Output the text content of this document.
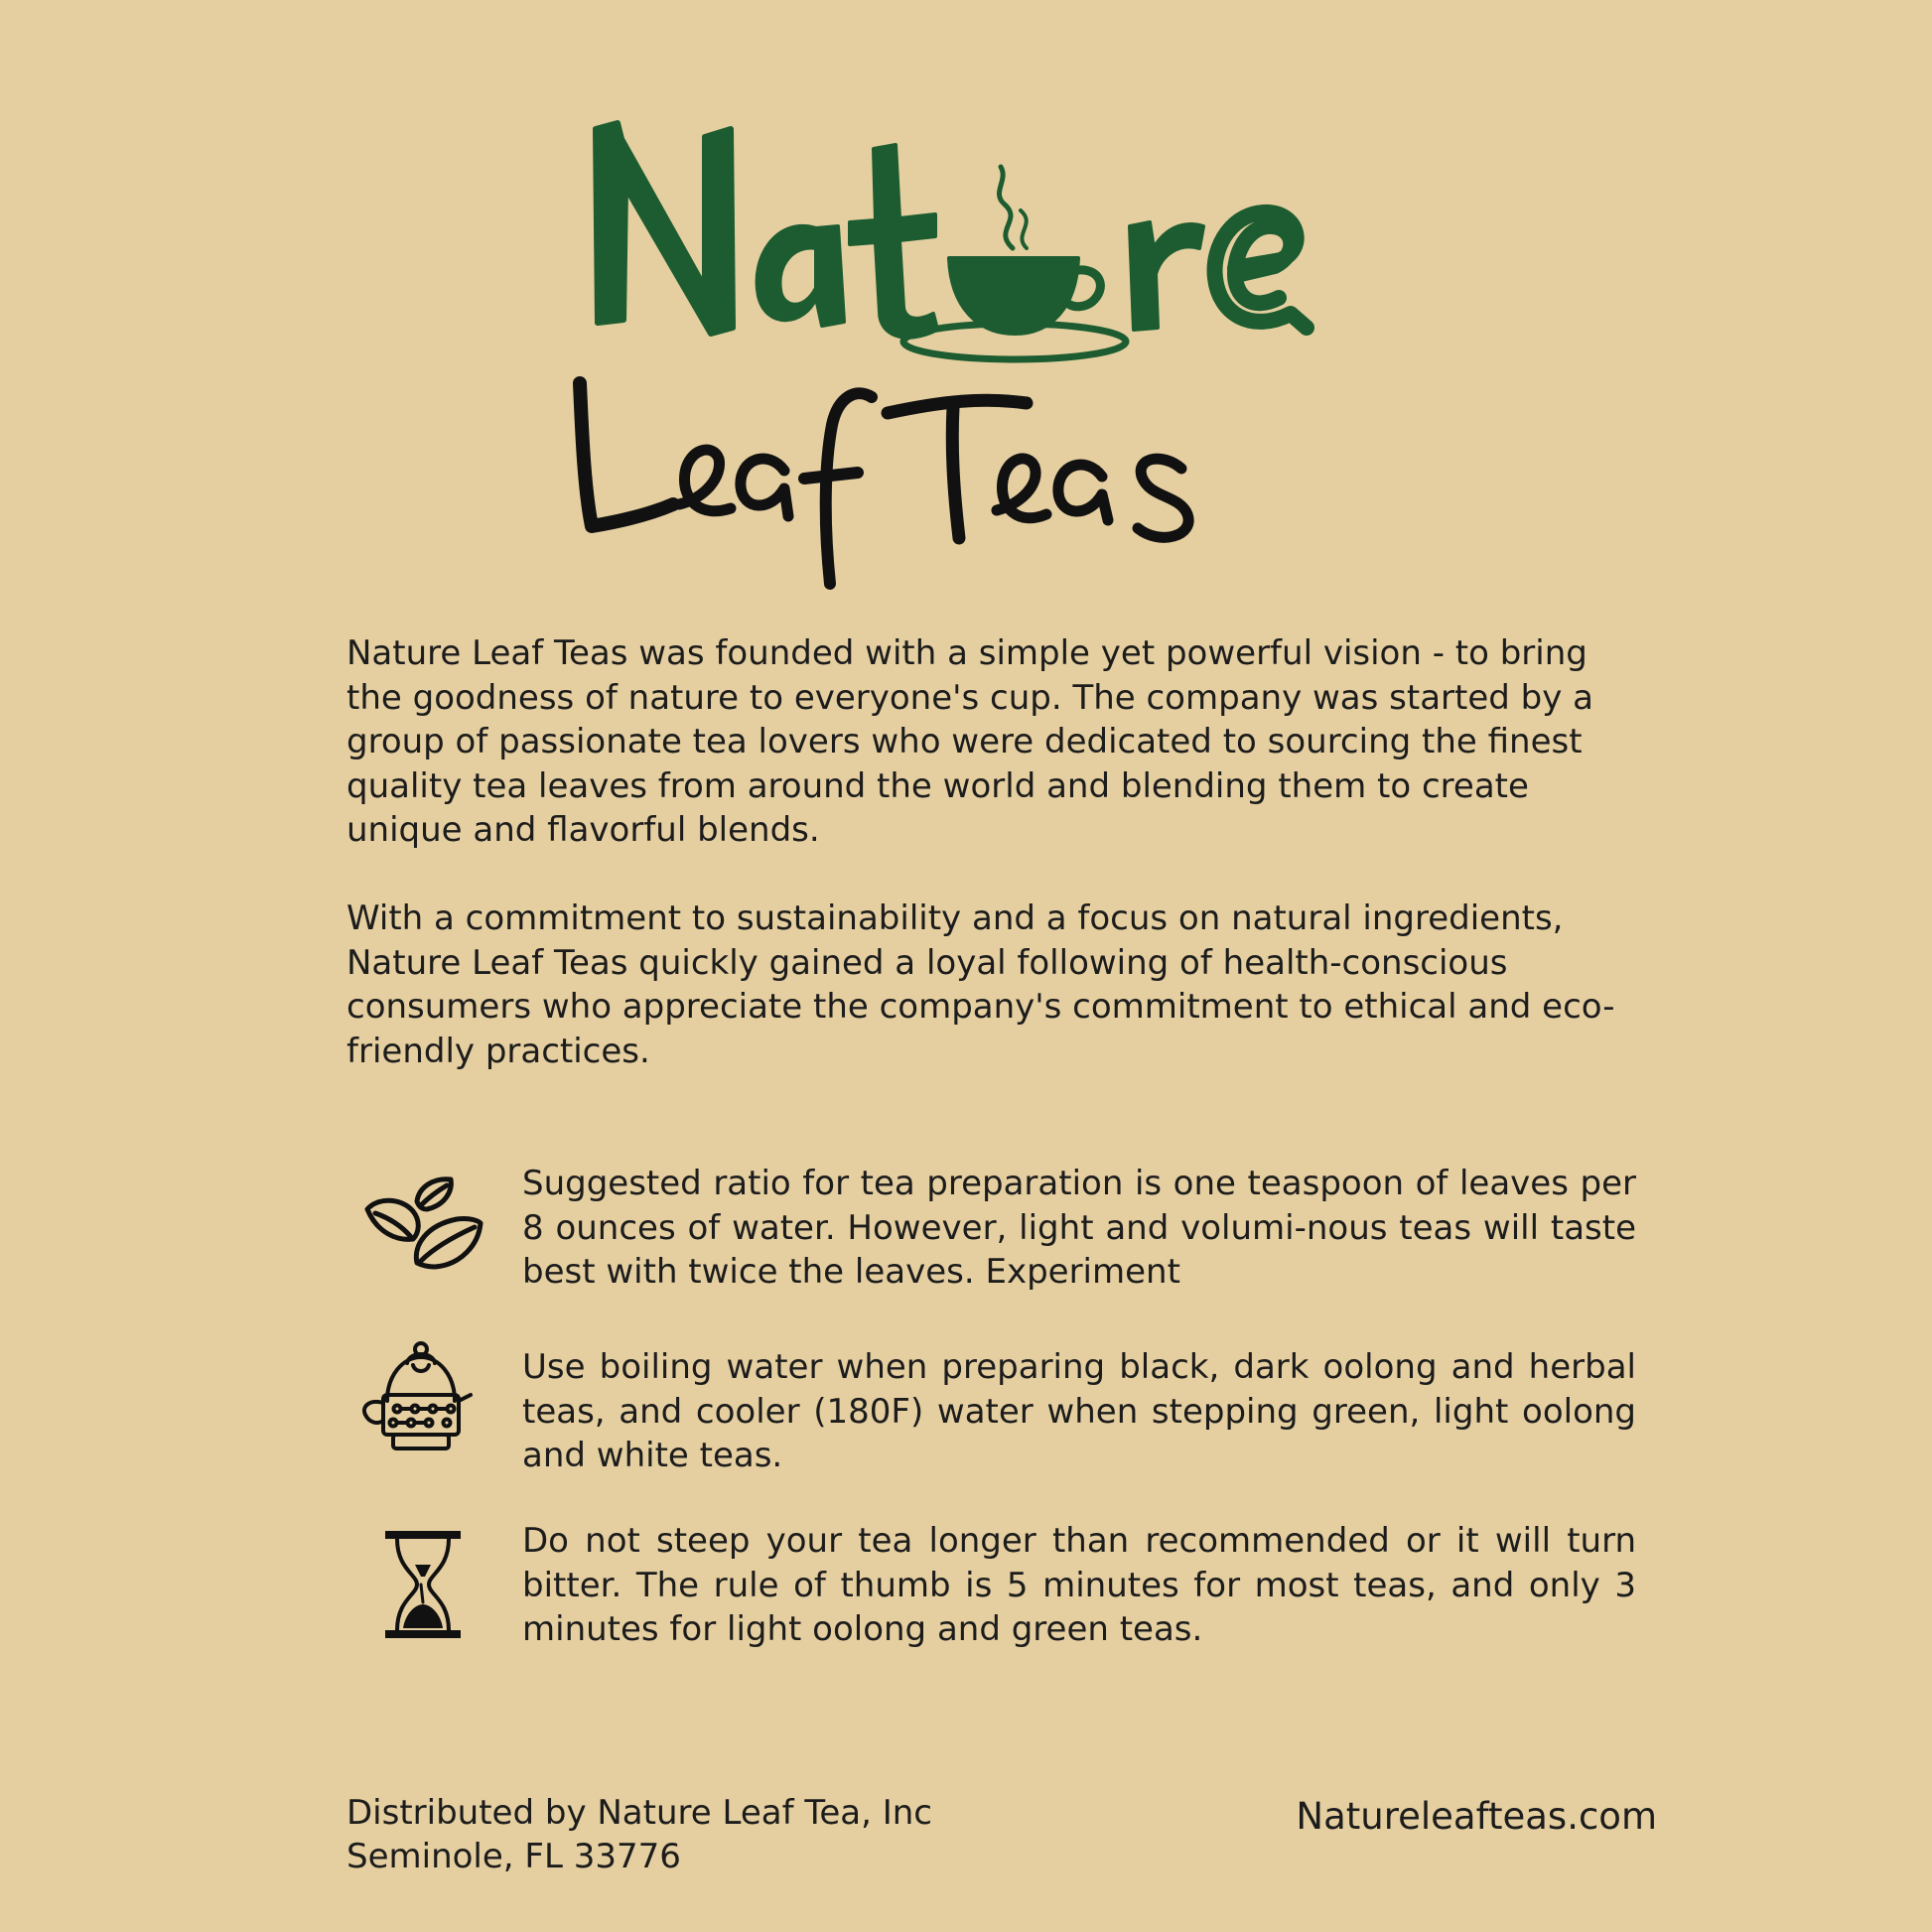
Nature Leaf Teas was founded with a simple yet powerful vision - to bring the goodness of nature to everyone's cup. The company was started by a group of passionate tea lovers who were dedicated to sourcing the finest quality tea leaves from around the world and blending them to create unique and flavorful blends.

With a commitment to sustainability and a focus on natural ingredients, Nature Leaf Teas quickly gained a loyal following of health-conscious consumers who appreciate the company's commitment to ethical and eco-friendly practices.

Suggested ratio for tea preparation is one teaspoon of leaves per 8 ounces of water. However, light and volumi-nous teas will taste best with twice the leaves. Experiment

Use boiling water when preparing black, dark oolong and herbal teas, and cooler (180F) water when stepping green, light oolong and white teas.

Do not steep your tea longer than recommended or it will turn bitter. The rule of thumb is 5 minutes for most teas, and only 3 minutes for light oolong and green teas.

Distributed by Nature Leaf Tea, Inc
Seminole, FL 33776
Natureleafteas.com
